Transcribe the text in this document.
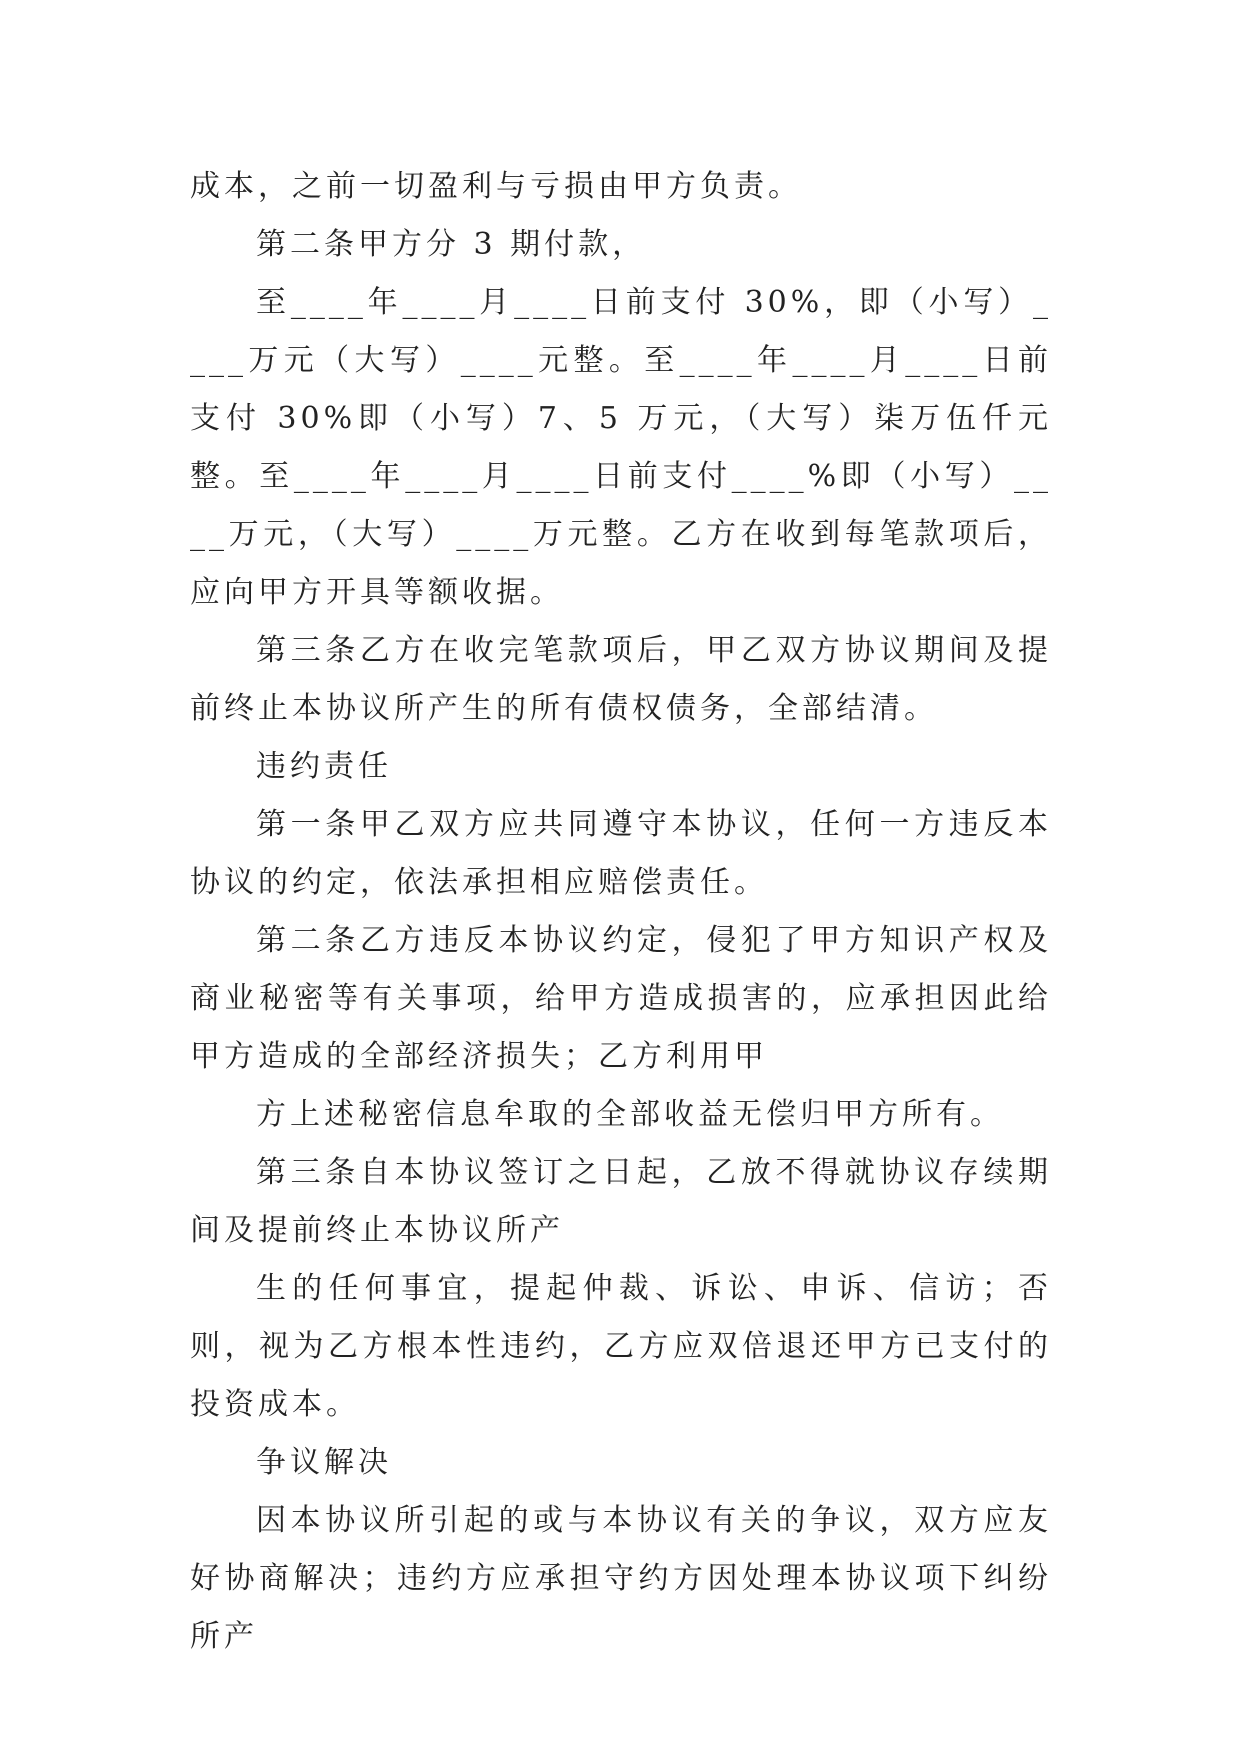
成本，之前一切盈利与亏损由甲方负责。

第二条甲方分 3 期付款，

至____年____月____日前支付 30%，即（小写）____万元（大写）____元整。至____年____月____日前支付 30%即（小写）7、5 万元，（大写）柒万伍仟元整。至____年____月____日前支付____%即（小写）____万元，（大写）____万元整。乙方在收到每笔款项后，应向甲方开具等额收据。

第三条乙方在收完笔款项后，甲乙双方协议期间及提前终止本协议所产生的所有债权债务，全部结清。

违约责任

第一条甲乙双方应共同遵守本协议，任何一方违反本协议的约定，依法承担相应赔偿责任。

第二条乙方违反本协议约定，侵犯了甲方知识产权及商业秘密等有关事项，给甲方造成损害的，应承担因此给甲方造成的全部经济损失；乙方利用甲

方上述秘密信息牟取的全部收益无偿归甲方所有。

第三条自本协议签订之日起，乙放不得就协议存续期间及提前终止本协议所产

生的任何事宜，提起仲裁、诉讼、申诉、信访；否则，视为乙方根本性违约，乙方应双倍退还甲方已支付的投资成本。

争议解决

因本协议所引起的或与本协议有关的争议，双方应友好协商解决；违约方应承担守约方因处理本协议项下纠纷所产
